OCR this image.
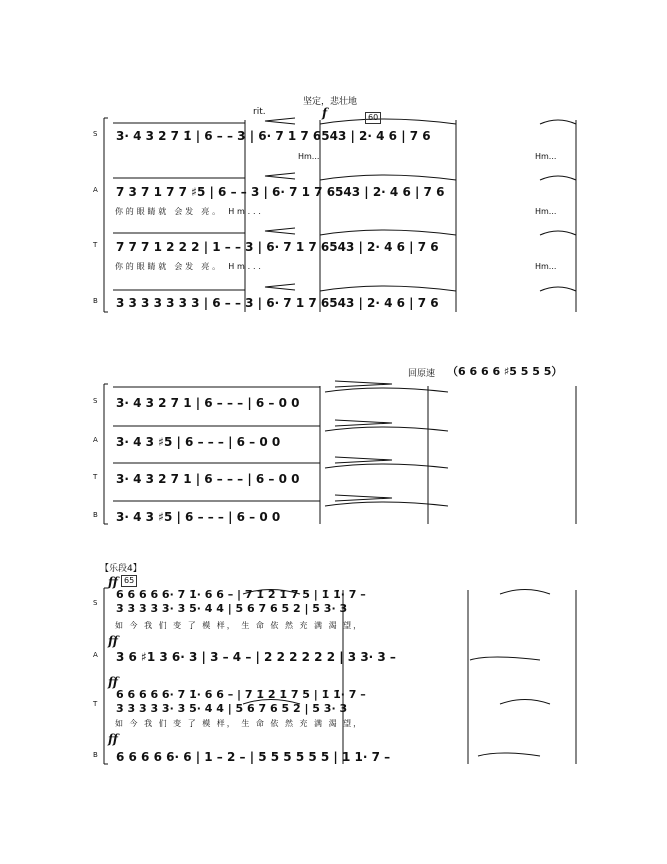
rit.
坚定，悲壮地
60
f
S 3· 4 3 2 7 1̇ | 6 – – 3 | 6· 7 1 7 6543 | 2· 4 6 | 7 6
Hm...	Hm...
A 7 3 7 1 7 7 ♯5 | 6 – – 3 | 6· 7 1 7 6543 | 2· 4 6 | 7 6
你的眼睛就 会发 亮。 Hm...	Hm...
T 7 7 7 1 2 2 2 | 1 – – 3 | 6· 7 1 7 6543 | 2· 4 6 | 7 6
你的眼睛就 会发 亮。 Hm...	Hm...
B 3 3 3 3 3 3 3 | 6 – – 3 | 6· 7 1 7 6543 | 2· 4 6 | 7 6
回原速 （6 6 6 6 ♯5 5 5 5）
S 3· 4 3 2 7 1 | 6 – – – | 6 – 0 0
A 3· 4 3 ♯5 | 6 – – – | 6 – 0 0
T 3· 4 3 2 7 1 | 6 – – – | 6 – 0 0
B 3· 4 3 ♯5 | 6 – – – | 6 – 0 0
【乐段4】
ff 65
S
6 6 6 6 6· 7 1̇· 6 6 – | 7 1̇ 2̇ 1̇ 7 5 | 1̇ 1̇· 7 –
3 3 3 3 3· 3 5· 4 4 | 5 6 7 6 5 2 | 5 3· 3
如 今 我 们 变 了 模 样， 生 命 依 然 充 满 渴 望，
ff
A 3 6 ♯1 3 6· 3 | 3 – 4 – | 2 2 2 2 2 2 | 3 3· 3 –
ff
T
6 6 6 6 6· 7 1̇· 6 6 – | 7 1̇ 2̇ 1̇ 7 5 | 1̇ 1̇· 7 –
3 3 3 3 3· 3 5· 4 4 | 5 6 7 6 5 2 | 5 3· 3
如 今 我 们 变 了 模 样， 生 命 依 然 充 满 渴 望，
ff
B 6 6 6 6 6· 6 | 1 – 2 – | 5 5 5 5 5 5 | 1 1· 7 –
